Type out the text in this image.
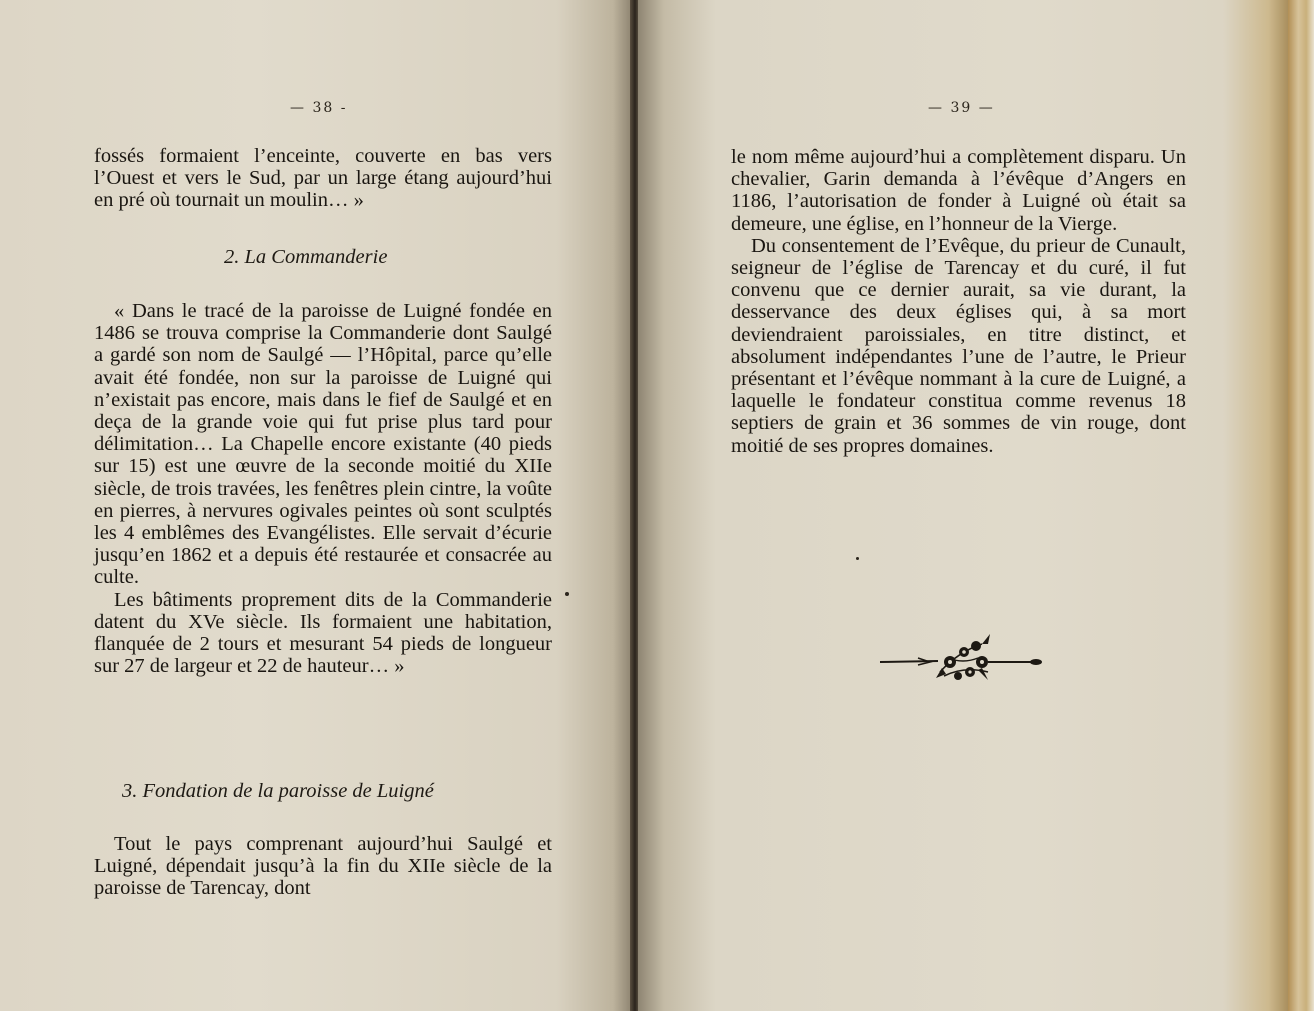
— 38 -

fossés formaient l’enceinte, couverte en bas vers l’Ouest et vers le Sud, par un large étang aujourd’hui en pré où tournait un moulin… »

2. La Commanderie

« Dans le tracé de la paroisse de Luigné fondée en 1486 se trouva comprise la Commanderie dont Saulgé a gardé son nom de Saulgé — l’Hôpital, parce qu’elle avait été fondée, non sur la paroisse de Luigné qui n’existait pas encore, mais dans le fief de Saulgé et en deça de la grande voie qui fut prise plus tard pour délimitation… La Chapelle encore existante (40 pieds sur 15) est une œuvre de la seconde moitié du XIIe siècle, de trois travées, les fenêtres plein cintre, la voûte en pierres, à nervures ogivales peintes où sont sculptés les 4 emblêmes des Evangélistes. Elle servait d’écurie jusqu’en 1862 et a depuis été restaurée et consacrée au culte.

Les bâtiments proprement dits de la Commanderie datent du XVe siècle. Ils formaient une habitation, flanquée de 2 tours et mesurant 54 pieds de longueur sur 27 de largeur et 22 de hauteur… »

3. Fondation de la paroisse de Luigné

Tout le pays comprenant aujourd’hui Saulgé et Luigné, dépendait jusqu’à la fin du XIIe siècle de la paroisse de Tarencay, dont

— 39 —

le nom même aujourd’hui a complètement disparu. Un chevalier, Garin demanda à l’évêque d’Angers en 1186, l’autorisation de fonder à Luigné où était sa demeure, une église, en l’honneur de la Vierge.

Du consentement de l’Evêque, du prieur de Cunault, seigneur de l’église de Tarencay et du curé, il fut convenu que ce dernier aurait, sa vie durant, la desservance des deux églises qui, à sa mort deviendraient paroissiales, en titre distinct, et absolument indépendantes l’une de l’autre, le Prieur présentant et l’évêque nommant à la cure de Luigné, a laquelle le fondateur constitua comme revenus 18 septiers de grain et 36 sommes de vin rouge, dont moitié de ses propres domaines.
